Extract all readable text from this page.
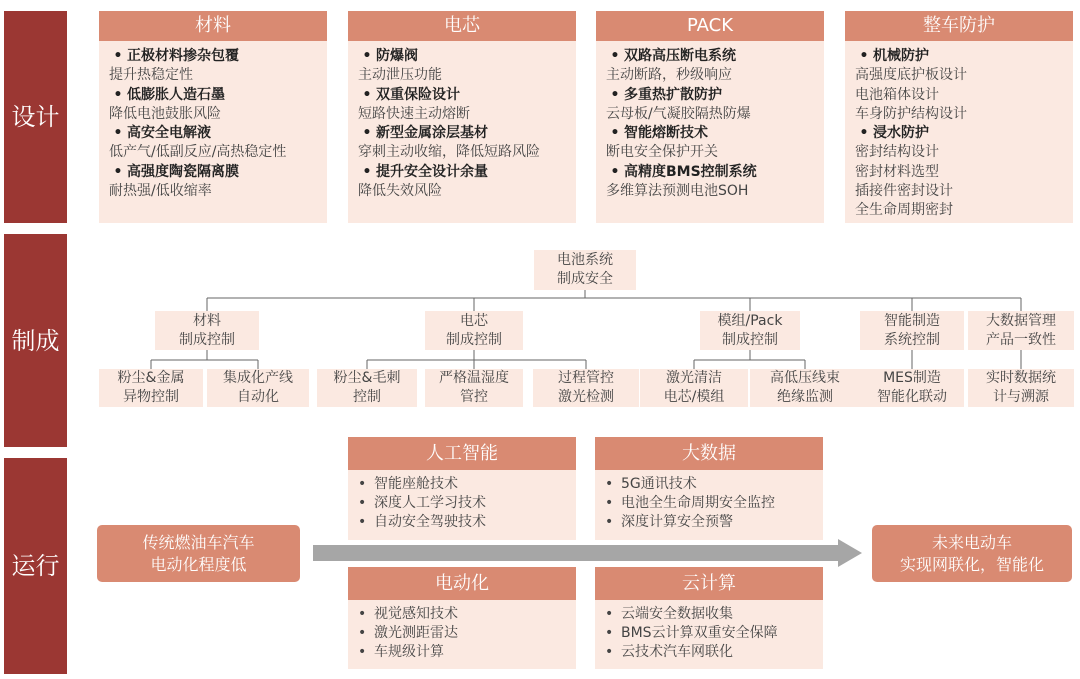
设计
制成
运行
材料
• 正极材料掺杂包覆
提升热稳定性
• 低膨胀人造石墨
降低电池鼓胀风险
• 高安全电解液
低产气/低副反应/高热稳定性
• 高强度陶瓷隔离膜
耐热强/低收缩率
电芯
• 防爆阀
主动泄压功能
• 双重保险设计
短路快速主动熔断
• 新型金属涂层基材
穿刺主动收缩，降低短路风险
• 提升安全设计余量
降低失效风险
PACK
• 双路高压断电系统
主动断路，秒级响应
• 多重热扩散防护
云母板/气凝胶隔热防爆
• 智能熔断技术
断电安全保护开关
• 高精度BMS控制系统
多维算法预测电池SOH
整车防护
• 机械防护
高强度底护板设计
电池箱体设计
车身防护结构设计
• 浸水防护
密封结构设计
密封材料选型
插接件密封设计
全生命周期密封
电池系统
制成安全
材料
制成控制
粉尘&金属
异物控制
集成化产线
自动化
电芯
制成控制
粉尘&毛刺
控制
严格温湿度
管控
过程管控
激光检测
模组/Pack
制成控制
激光清洁
电芯/模组
高低压线束
绝缘监测
智能制造
系统控制
MES制造
智能化联动
大数据管理
产品一致性
实时数据统
计与溯源
传统燃油车汽车
电动化程度低
未来电动车
实现网联化，智能化
人工智能
• 智能座舱技术
• 深度人工学习技术
• 自动安全驾驶技术
大数据
• 5G通讯技术
• 电池全生命周期安全监控
• 深度计算安全预警
电动化
• 视觉感知技术
• 激光测距雷达
• 车规级计算
云计算
• 云端安全数据收集
• BMS云计算双重安全保障
• 云技术汽车网联化
